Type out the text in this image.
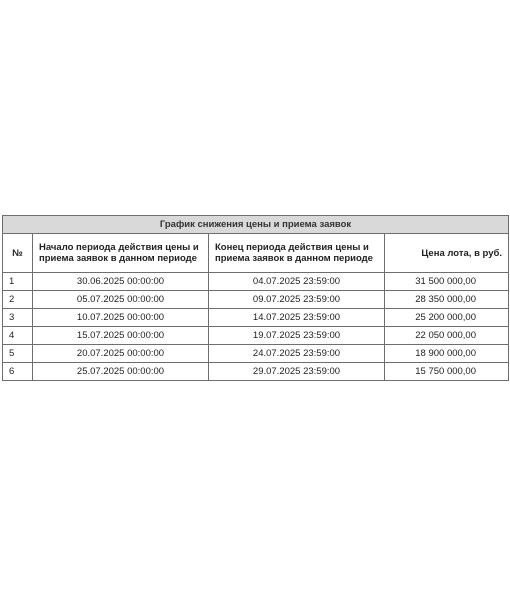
График снижения цены и приема заявок			
№	Начало периода действия цены и приема заявок в данном периоде	Конец периода действия цены и приема заявок в данном периоде	Цена лота, в руб.
1	30.06.2025 00:00:00	04.07.2025 23:59:00	31 500 000,00
2	05.07.2025 00:00:00	09.07.2025 23:59:00	28 350 000,00
3	10.07.2025 00:00:00	14.07.2025 23:59:00	25 200 000,00
4	15.07.2025 00:00:00	19.07.2025 23:59:00	22 050 000,00
5	20.07.2025 00:00:00	24.07.2025 23:59:00	18 900 000,00
6	25.07.2025 00:00:00	29.07.2025 23:59:00	15 750 000,00
